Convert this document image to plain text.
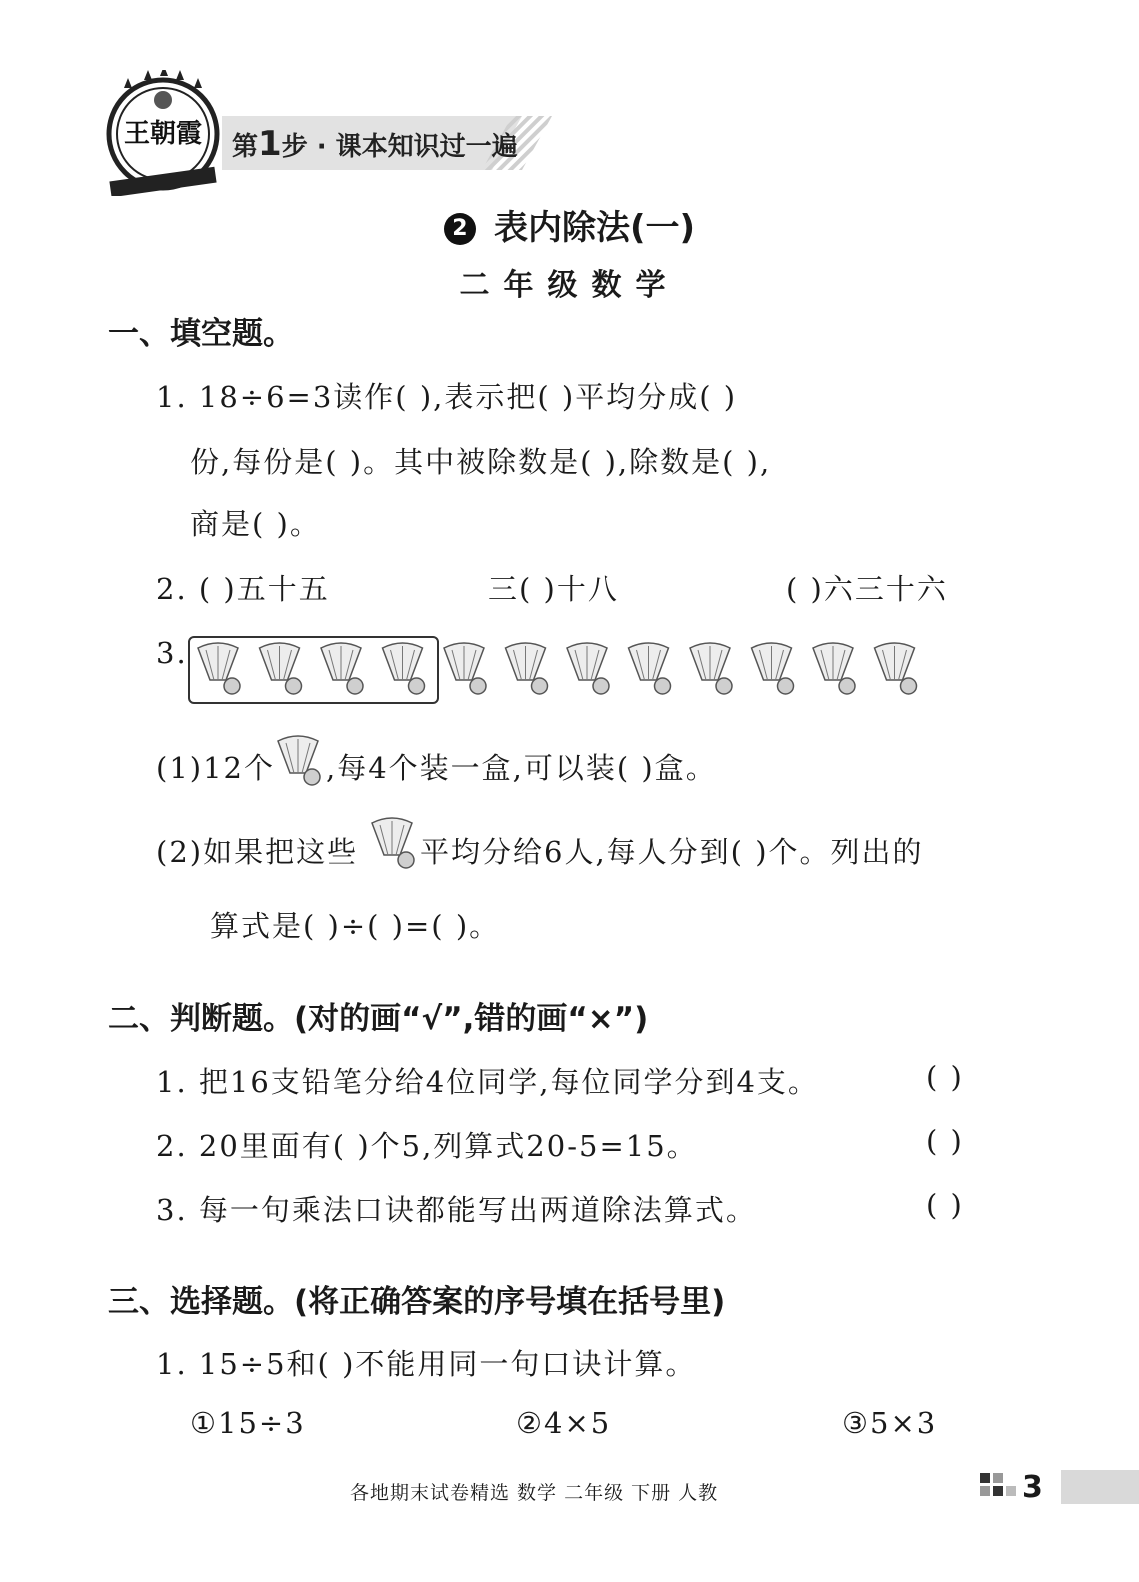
王朝霞 第1步 · 课本知识过一遍
2 表内除法(一)
二年级数学
一、填空题。
1. 18÷6=3读作( ),表示把( )平均分成( )
份,每份是( )。其中被除数是( ),除数是( ),
商是( )。
2. ( )五十五	三( )十八	( )六三十六
3.
(1)12个 ,每4个装一盒,可以装( )盒。
(2)如果把这些 平均分给6人,每人分到( )个。列出的
算式是( )÷( )=( )。
二、判断题。(对的画“√”,错的画“×”)
1. 把16支铅笔分给4位同学,每位同学分到4支。	( )
2. 20里面有( )个5,列算式20-5=15。	( )
3. 每一句乘法口诀都能写出两道除法算式。	( )
三、选择题。(将正确答案的序号填在括号里)
1. 15÷5和( )不能用同一句口诀计算。
①15÷3	②4×5	③5×3
各地期末试卷精选 数学 二年级 下册 人教	3
